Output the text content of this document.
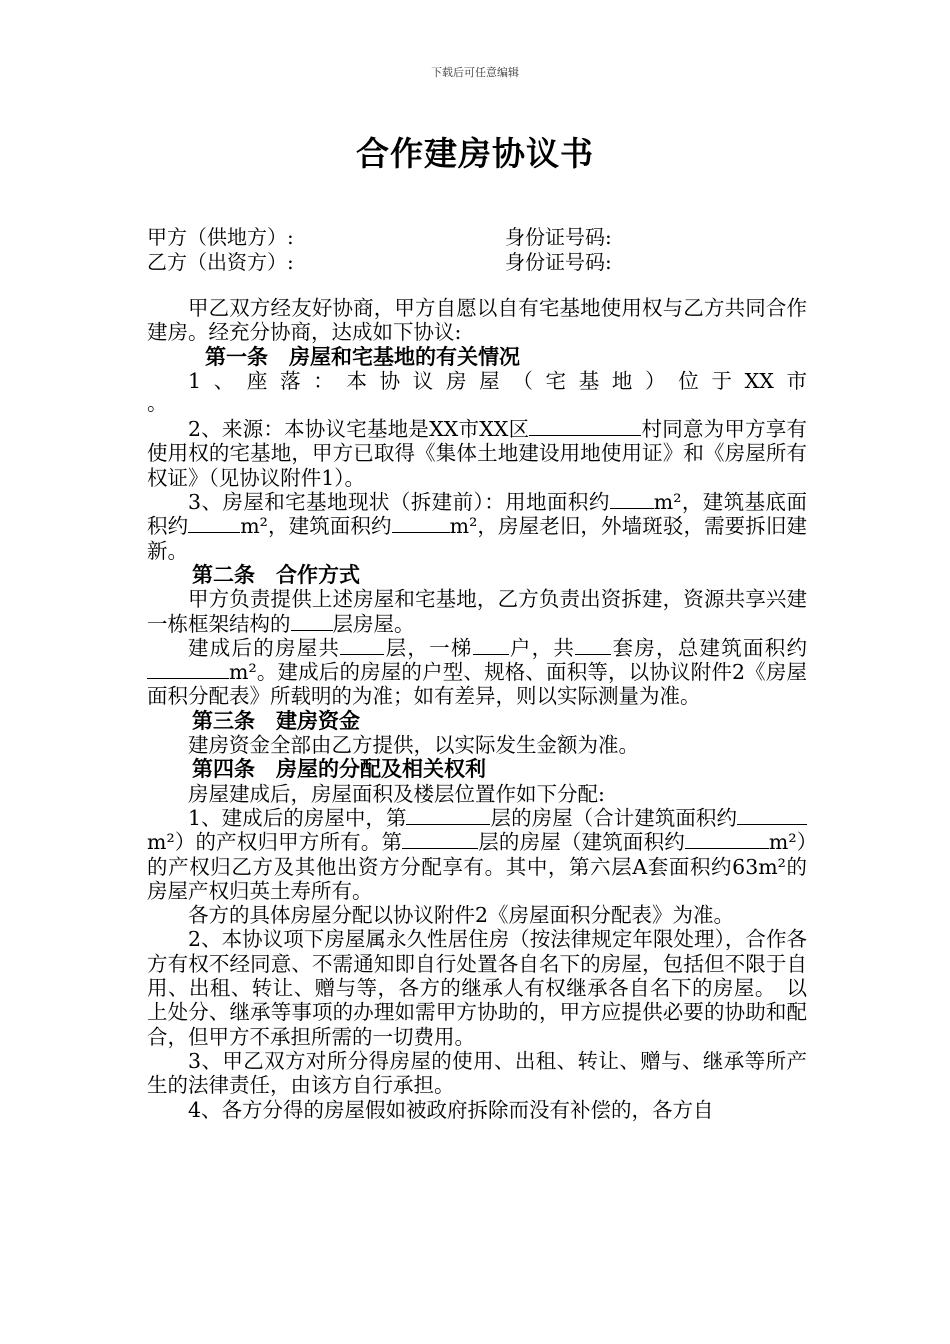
下载后可任意编辑
合作建房协议书
甲方（供地方）:	身份证号码:
乙方（出资方）:	身份证号码:

甲乙双方经友好协商，甲方自愿以自有宅基地使用权与乙方共同合作建房。经充分协商，达成如下协议:

第一条　房屋和宅基地的有关情况

1、座落：本协议房屋（宅基地）位于XX市

。

2、来源：本协议宅基地是XX市XX区	村同意为甲方享有使用权的宅基地，甲方已取得《集体土地建设用地使用证》和《房屋所有权证》（见协议附件1）。

3、房屋和宅基地现状（拆建前）：用地面积约 m²，建筑基底面积约	m²，建筑面积约	m²，房屋老旧，外墙斑驳，需要拆旧建新。

第二条　合作方式

甲方负责提供上述房屋和宅基地，乙方负责出资拆建，资源共享兴建一栋框架结构的 层房屋。

建成后的房屋共 层，一梯 户，共 套房，总建筑面积约m²。建成后的房屋的户型、规格、面积等，以协议附件2《房屋面积分配表》所载明的为准；如有差异，则以实际测量为准。

第三条　建房资金

建房资金全部由乙方提供，以实际发生金额为准。

第四条　房屋的分配及相关权利

房屋建成后，房屋面积及楼层位置作如下分配:

1、建成后的房屋中，第	层的房屋（合计建筑面积约m²）的产权归甲方所有。第	层的房屋（建筑面积约	m²）的产权归乙方及其他出资方分配享有。其中，第六层A套面积约63m²的房屋产权归英土寿所有。

各方的具体房屋分配以协议附件2《房屋面积分配表》为准。

2、本协议项下房屋属永久性居住房（按法律规定年限处理），合作各方有权不经同意、不需通知即自行处置各自名下的房屋，包括但不限于自用、出租、转让、赠与等，各方的继承人有权继承各自名下的房屋。　以上处分、继承等事项的办理如需甲方协助的，甲方应提供必要的协助和配合，但甲方不承担所需的一切费用。

3、甲乙双方对所分得房屋的使用、出租、转让、赠与、继承等所产生的法律责任，由该方自行承担。

4、各方分得的房屋假如被政府拆除而没有补偿的，各方自
